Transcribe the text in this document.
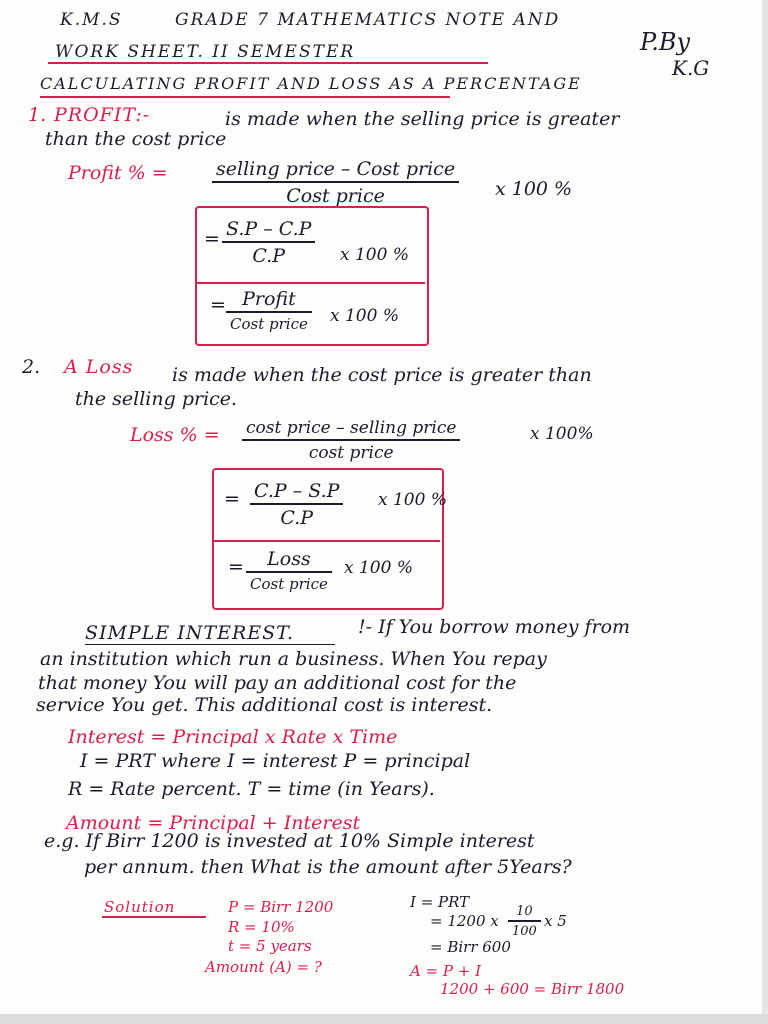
K.M.S	GRADE 7 MATHEMATICS NOTE AND
WORK SHEET. II SEMESTER	P.By
K.G
CALCULATING PROFIT AND LOSS AS A PERCENTAGE
1. PROFIT:-	is made when the selling price is greater
than the cost price
Profit % =	selling price – Cost price
Cost price	x 100 %
= S.P – C.P
C.P	x 100 %
= Profit
Cost price x 100 %
2. A Loss is made when the cost price is greater than
the selling price.
Loss % = cost price – selling price
cost price
x 100%
= C.P – S.P
C.P
x 100 %
= Loss
Cost price
x 100 %
SIMPLE INTEREST.	!- If You borrow money from
an institution which run a business. When You repay
that money You will pay an additional cost for the
service You get. This additional cost is interest.
Interest = Principal x Rate x Time
I = PRT where I = interest P = principal
R = Rate percent. T = time (in Years).
Amount = Principal + Interest
e.g. If Birr 1200 is invested at 10% Simple interest
per annum. then What is the amount after 5Years?
Solution	P = Birr 1200
R = 10%
t = 5 years
Amount (A) = ?
I = PRT
= 1200 x
10
100
x 5
= Birr 600
A = P + I
1200 + 600 = Birr 1800
